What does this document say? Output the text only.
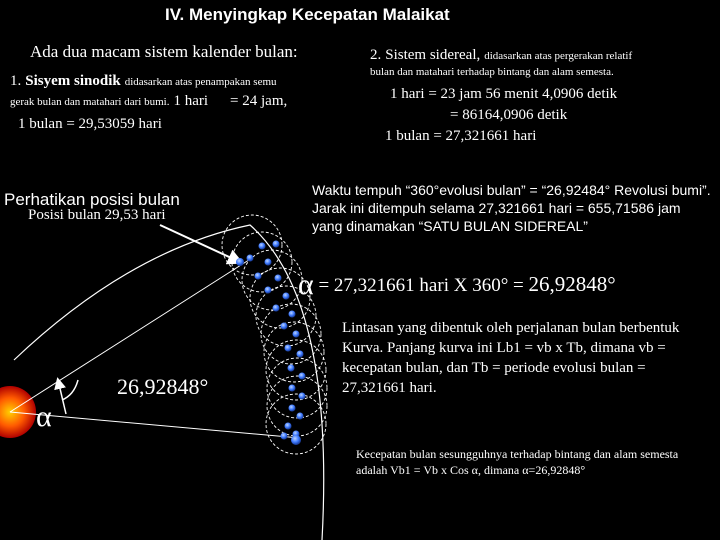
IV. Menyingkap Kecepatan Malaikat
Ada dua macam sistem kalender bulan:
1. Sisyem sinodik didasarkan atas penampakan semu
gerak bulan dan matahari dari bumi. 1 hari = 24 jam,
1 bulan = 29,53059 hari
2. Sistem sidereal, didasarkan atas pergerakan relatif
bulan dan matahari terhadap bintang dan alam semesta.
1 hari = 23 jam 56 menit 4,0906 detik
= 86164,0906 detik
1 bulan = 27,321661 hari
Waktu tempuh “360°evolusi bulan” = “26,92484° Revolusi bumi”. Jarak ini ditempuh selama 27,321661 hari = 655,71586 jam yang dinamakan “SATU BULAN SIDEREAL”
α = 27,321661 hari X 360° = 26,92848°
Perhatikan posisi bulan
Posisi bulan 29,53 hari
26,92848°
α
Lintasan yang dibentuk oleh perjalanan bulan berbentuk Kurva. Panjang kurva ini Lb1 = vb x Tb, dimana vb = kecepatan bulan, dan Tb = periode evolusi bulan = 27,321661 hari.
Kecepatan bulan sesungguhnya terhadap bintang dan alam semesta adalah Vb1 = Vb x Cos α, dimana α=26,92848°
